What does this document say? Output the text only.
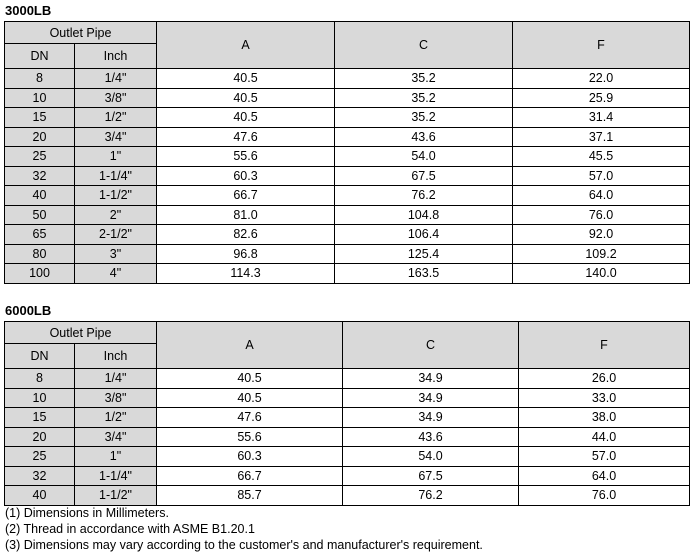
3000LB
Outlet Pipe		A	C	F
DN	Inch			
8	1/4"	40.5	35.2	22.0
10	3/8"	40.5	35.2	25.9
15	1/2"	40.5	35.2	31.4
20	3/4"	47.6	43.6	37.1
25	1"	55.6	54.0	45.5
32	1-1/4"	60.3	67.5	57.0
40	1-1/2"	66.7	76.2	64.0
50	2"	81.0	104.8	76.0
65	2-1/2"	82.6	106.4	92.0
80	3"	96.8	125.4	109.2
100	4"	114.3	163.5	140.0
6000LB
Outlet Pipe		A	C	F
DN	Inch			
8	1/4"	40.5	34.9	26.0
10	3/8"	40.5	34.9	33.0
15	1/2"	47.6	34.9	38.0
20	3/4"	55.6	43.6	44.0
25	1"	60.3	54.0	57.0
32	1-1/4"	66.7	67.5	64.0
40	1-1/2"	85.7	76.2	76.0
(1) Dimensions in Millimeters.
(2) Thread in accordance with ASME B1.20.1
(3) Dimensions may vary according to the customer's and manufacturer's requirement.
